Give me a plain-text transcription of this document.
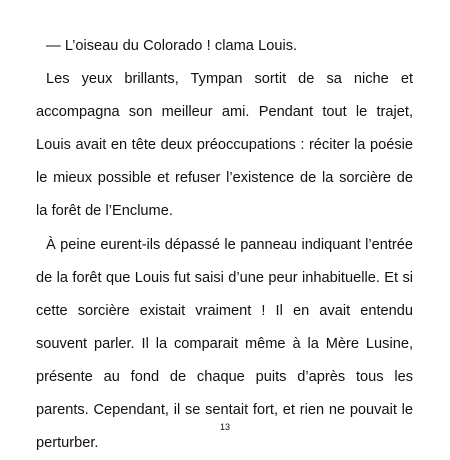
— L’oiseau du Colorado ! clama Louis.

Les yeux brillants, Tympan sortit de sa niche et accompagna son meilleur ami. Pendant tout le trajet, Louis avait en tête deux préoccupations : réciter la poésie le mieux possible et refuser l’existence de la sorcière de la forêt de l’Enclume.

À peine eurent-ils dépassé le panneau indiquant l’entrée de la forêt que Louis fut saisi d’une peur inhabituelle. Et si cette sorcière existait vraiment ! Il en avait entendu souvent parler. Il la comparait même à la Mère Lusine, présente au fond de chaque puits d’après tous les parents. Cependant, il se sentait fort, et rien ne pouvait le perturber.

13
